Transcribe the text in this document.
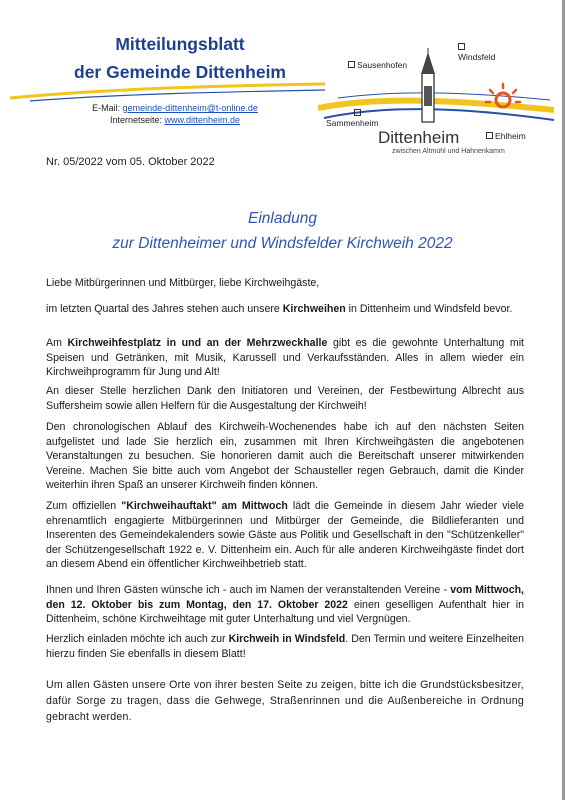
Mitteilungsblatt
der Gemeinde Dittenheim
E-Mail: gemeinde-dittenheim@t-online.de
Internetseite: www.dittenheim.de
Sausenhofen

Windsfeld

Sammenheim
Ehlheim
Dittenheim
zwischen Altmühl und Hahnenkamm
Nr. 05/2022 vom 05. Oktober 2022
Einladung
zur Dittenheimer und Windsfelder Kirchweih 2022

Liebe Mitbürgerinnen und Mitbürger, liebe Kirchweihgäste,

im letzten Quartal des Jahres stehen auch unsere Kirchweihen in Dittenheim und Windsfeld bevor.

Am Kirchweihfestplatz in und an der Mehrzweckhalle gibt es die gewohnte Unterhaltung mit Speisen und Getränken, mit Musik, Karussell und Verkaufsständen. Alles in allem wieder ein Kirchweihprogramm für Jung und Alt!

An dieser Stelle herzlichen Dank den Initiatoren und Vereinen, der Festbewirtung Albrecht aus Suffersheim sowie allen Helfern für die Ausgestaltung der Kirchweih!

Den chronologischen Ablauf des Kirchweih-Wochenendes habe ich auf den nächsten Seiten aufgelistet und lade Sie herzlich ein, zusammen mit Ihren Kirchweihgästen die angebotenen Veranstaltungen zu besuchen. Sie honorieren damit auch die Bereitschaft unserer mitwirkenden Vereine. Machen Sie bitte auch vom Angebot der Schausteller regen Gebrauch, damit die Kinder weiterhin ihren Spaß an unserer Kirchweih finden können.

Zum offiziellen "Kirchweihauftakt" am Mittwoch lädt die Gemeinde in diesem Jahr wieder viele ehrenamtlich engagierte Mitbürgerinnen und Mitbürger der Gemeinde, die Bildlieferanten und Inserenten des Gemeindekalenders sowie Gäste aus Politik und Gesellschaft in den "Schützenkeller" der Schützengesellschaft 1922 e. V. Dittenheim ein. Auch für alle anderen Kirchweihgäste findet dort an diesem Abend ein öffentlicher Kirchweihbetrieb statt.

Ihnen und Ihren Gästen wünsche ich - auch im Namen der veranstaltenden Vereine - vom Mittwoch, den 12. Oktober bis zum Montag, den 17. Oktober 2022 einen geselligen Aufenthalt hier in Dittenheim, schöne Kirchweihtage mit guter Unterhaltung und viel Vergnügen.

Herzlich einladen möchte ich auch zur Kirchweih in Windsfeld. Den Termin und weitere Einzelheiten hierzu finden Sie ebenfalls in diesem Blatt!

Um allen Gästen unsere Orte von ihrer besten Seite zu zeigen, bitte ich die Grundstücksbesitzer, dafür Sorge zu tragen, dass die Gehwege, Straßenrinnen und die Außenbereiche in Ordnung gebracht werden.
